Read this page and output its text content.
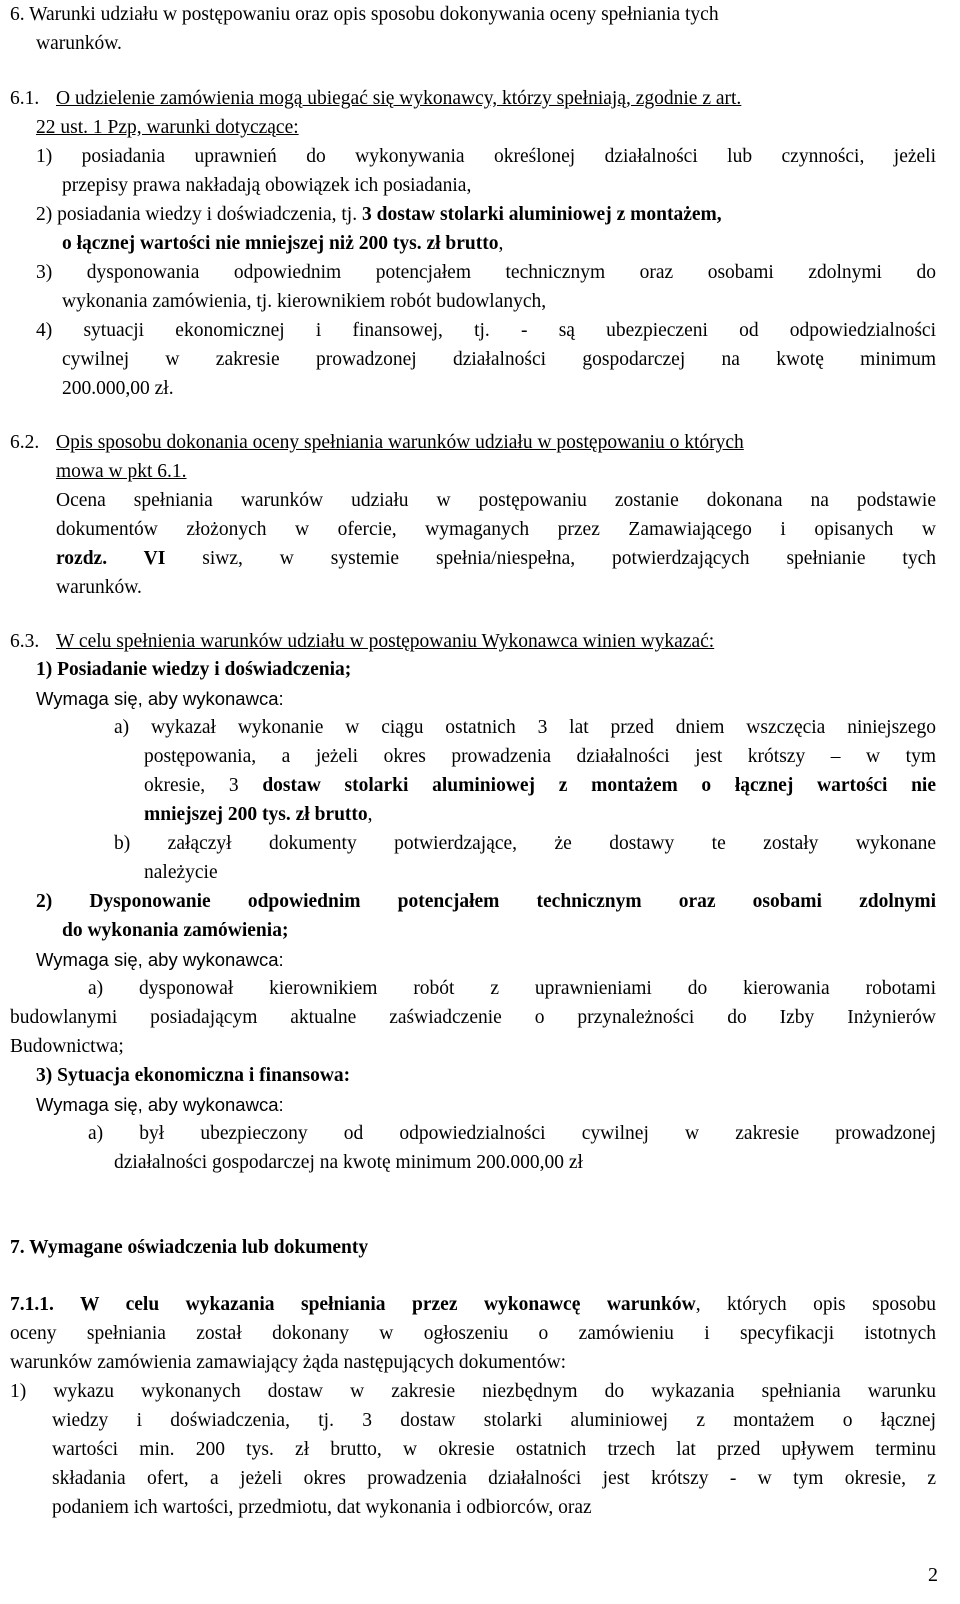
6. Warunki udziału w postępowaniu oraz opis sposobu dokonywania oceny spełniania tych
warunków.
6.1. O udzielenie zamówienia mogą ubiegać się wykonawcy, którzy spełniają, zgodnie z art.
22 ust. 1 Pzp, warunki dotyczące:
1) posiadania uprawnień do wykonywania określonej działalności lub czynności, jeżeli
przepisy prawa nakładają obowiązek ich posiadania,
2) posiadania wiedzy i doświadczenia, tj. 3 dostaw stolarki aluminiowej z montażem,
o łącznej wartości nie mniejszej niż 200 tys. zł brutto,
3) dysponowania odpowiednim potencjałem technicznym oraz osobami zdolnymi do
wykonania zamówienia, tj. kierownikiem robót budowlanych,
4) sytuacji ekonomicznej i finansowej, tj. - są ubezpieczeni od odpowiedzialności
cywilnej w zakresie prowadzonej działalności gospodarczej na kwotę minimum
200.000,00 zł.
6.2. Opis sposobu dokonania oceny spełniania warunków udziału w postępowaniu o których
mowa w pkt 6.1.
Ocena spełniania warunków udziału w postępowaniu zostanie dokonana na podstawie
dokumentów złożonych w ofercie, wymaganych przez Zamawiającego i opisanych w
rozdz. VI siwz, w systemie spełnia/niespełna, potwierdzających spełnianie tych
warunków.
6.3. W celu spełnienia warunków udziału w postępowaniu Wykonawca winien wykazać:
1) Posiadanie wiedzy i doświadczenia;
Wymaga się, aby wykonawca:
a) wykazał wykonanie w ciągu ostatnich 3 lat przed dniem wszczęcia niniejszego
postępowania, a jeżeli okres prowadzenia działalności jest krótszy – w tym
okresie, 3 dostaw stolarki aluminiowej z montażem o łącznej wartości nie
mniejszej 200 tys. zł brutto,
b) załączył dokumenty potwierdzające, że dostawy te zostały wykonane
należycie
2) Dysponowanie odpowiednim potencjałem technicznym oraz osobami zdolnymi
do wykonania zamówienia;
Wymaga się, aby wykonawca:
a) dysponował kierownikiem robót z uprawnieniami do kierowania robotami
budowlanymi posiadającym aktualne zaświadczenie o przynależności do Izby Inżynierów
Budownictwa;
3) Sytuacja ekonomiczna i finansowa:
Wymaga się, aby wykonawca:
a) był ubezpieczony od odpowiedzialności cywilnej w zakresie prowadzonej
działalności gospodarczej na kwotę minimum 200.000,00 zł
7. Wymagane oświadczenia lub dokumenty
7.1.1. W celu wykazania spełniania przez wykonawcę warunków, których opis sposobu
oceny spełniania został dokonany w ogłoszeniu o zamówieniu i specyfikacji istotnych
warunków zamówienia zamawiający żąda następujących dokumentów:
1) wykazu wykonanych dostaw w zakresie niezbędnym do wykazania spełniania warunku
wiedzy i doświadczenia, tj. 3 dostaw stolarki aluminiowej z montażem o łącznej
wartości min. 200 tys. zł brutto, w okresie ostatnich trzech lat przed upływem terminu
składania ofert, a jeżeli okres prowadzenia działalności jest krótszy - w tym okresie, z
podaniem ich wartości, przedmiotu, dat wykonania i odbiorców, oraz
2
